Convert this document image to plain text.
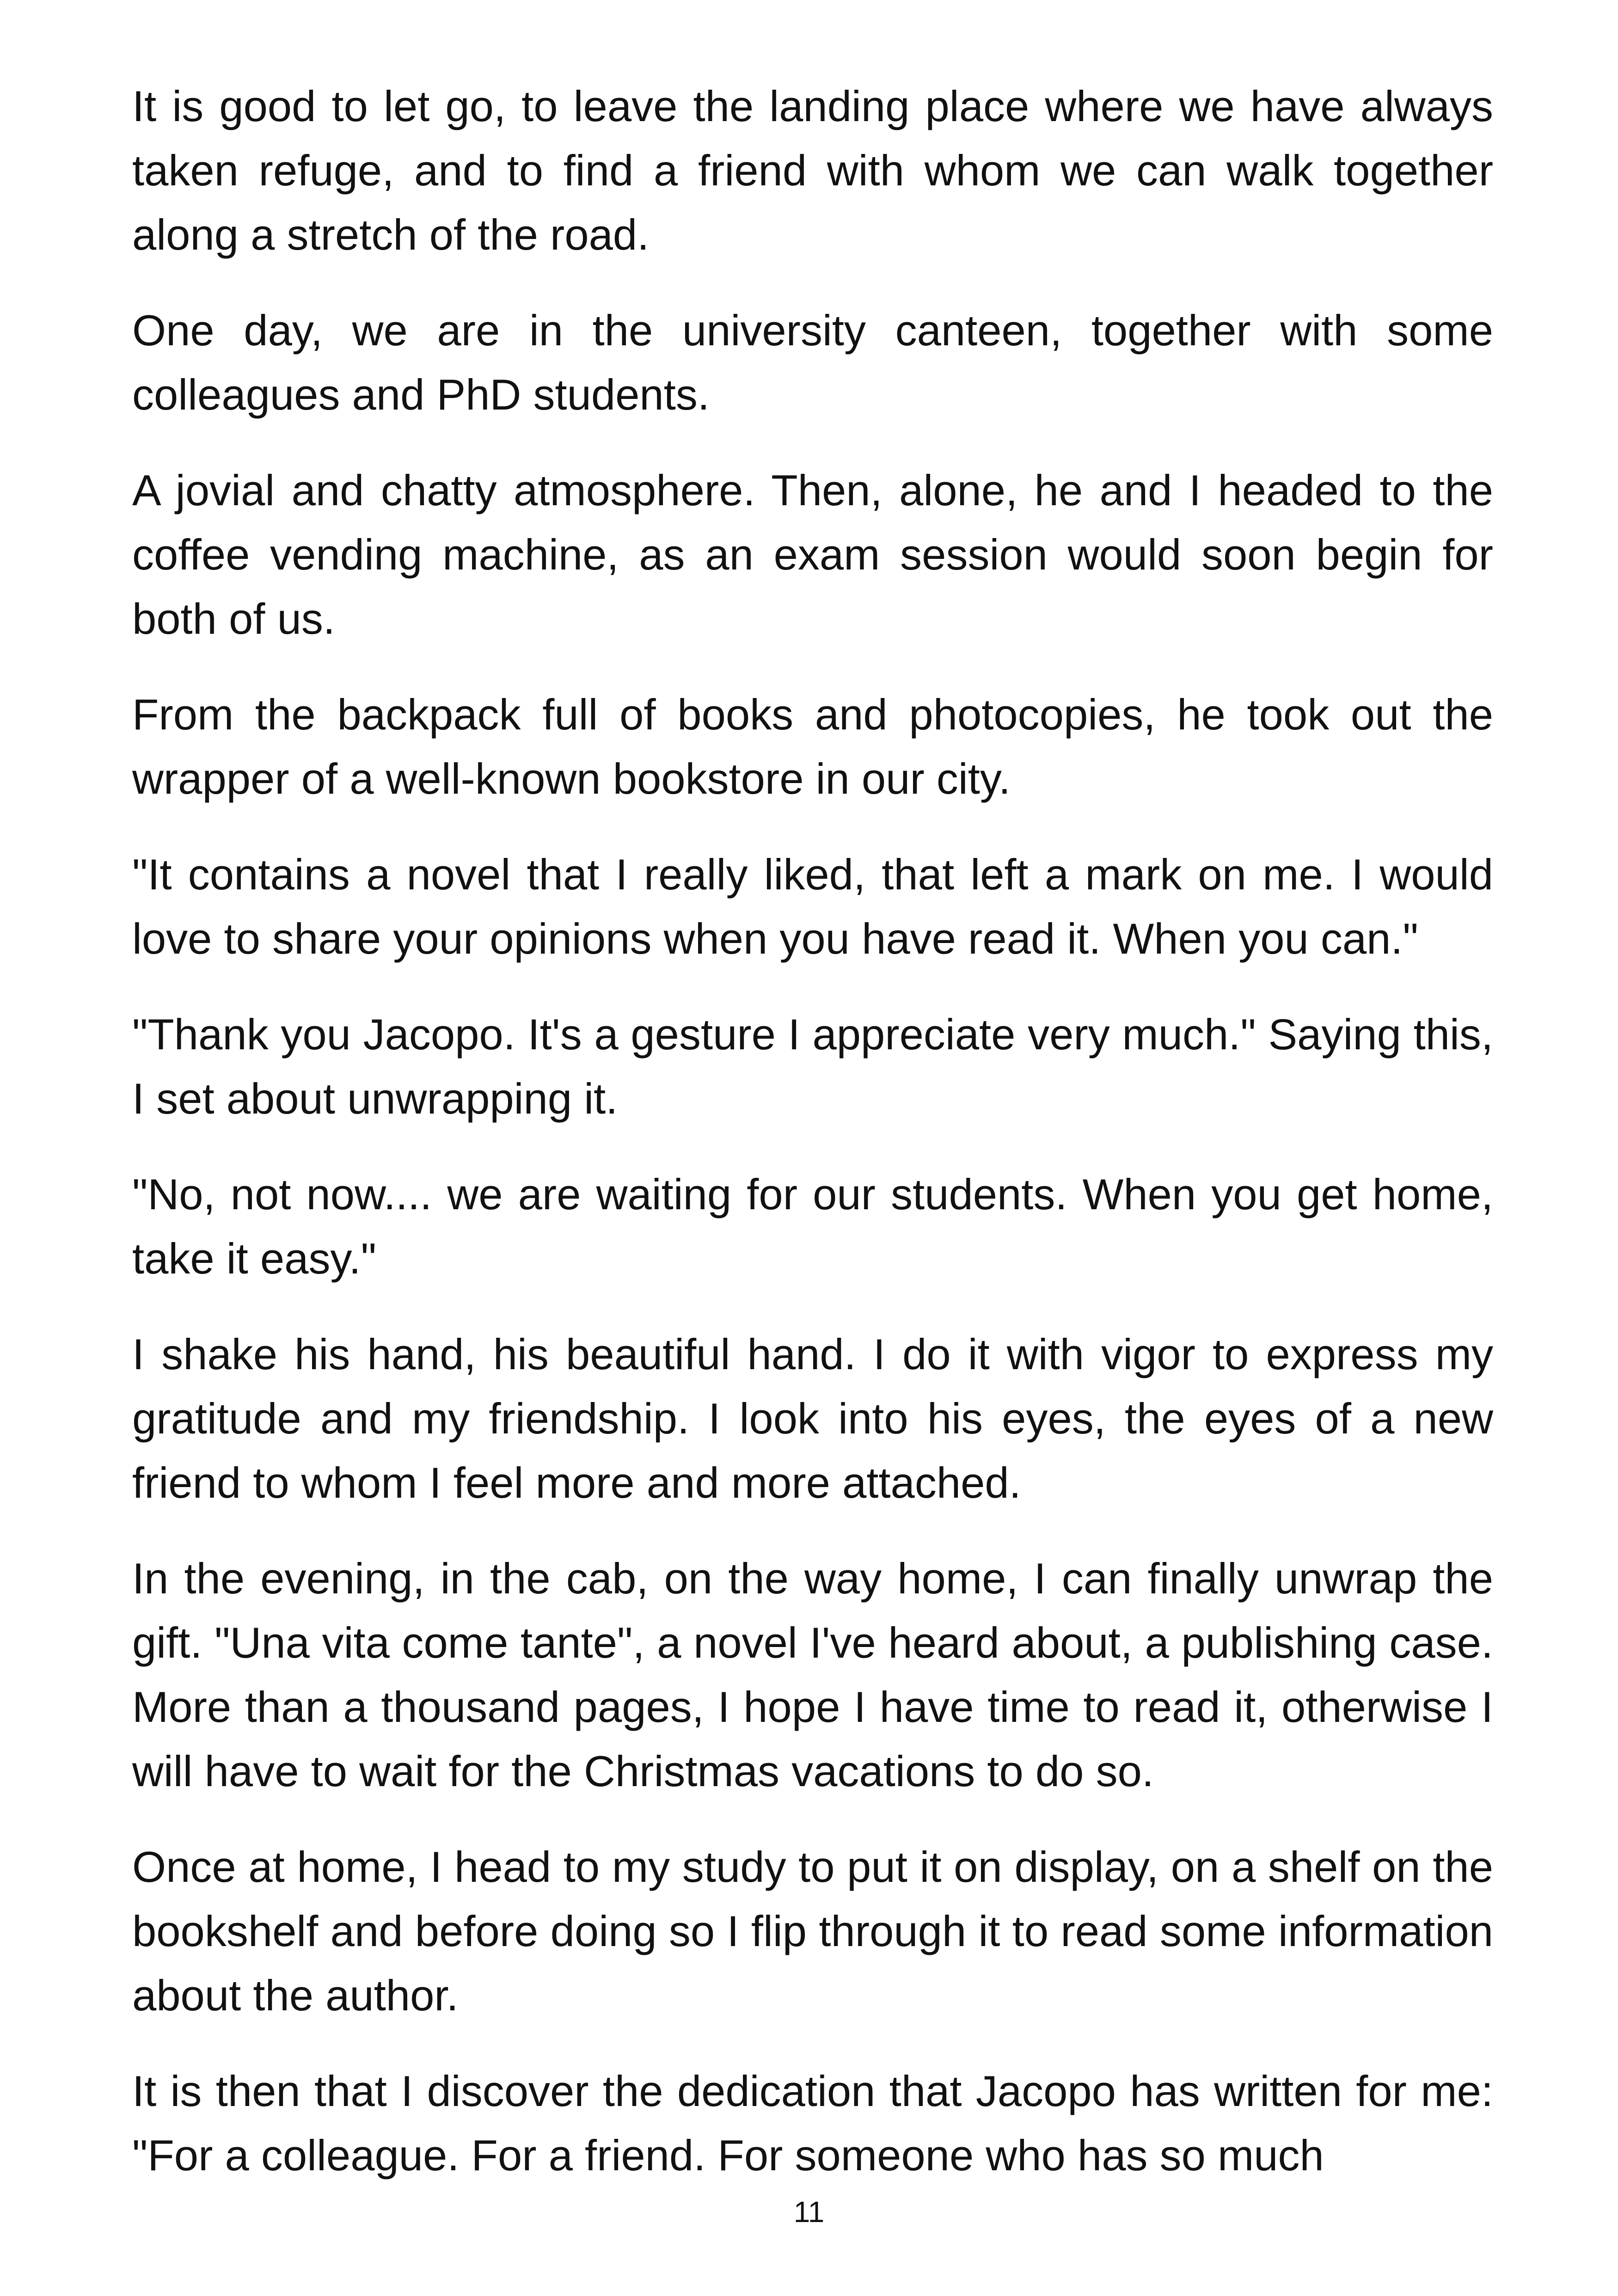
It is good to let go, to leave the landing place where we have always taken refuge, and to find a friend with whom we can walk together along a stretch of the road.

One day, we are in the university canteen, together with some colleagues and PhD students.

A jovial and chatty atmosphere. Then, alone, he and I headed to the coffee vending machine, as an exam session would soon begin for both of us.

From the backpack full of books and photocopies, he took out the wrapper of a well-known bookstore in our city.

"It contains a novel that I really liked, that left a mark on me. I would love to share your opinions when you have read it. When you can."

"Thank you Jacopo. It's a gesture I appreciate very much." Saying this, I set about unwrapping it.

"No, not now.... we are waiting for our students. When you get home, take it easy."

I shake his hand, his beautiful hand. I do it with vigor to express my gratitude and my friendship. I look into his eyes, the eyes of a new friend to whom I feel more and more attached.

In the evening, in the cab, on the way home, I can finally unwrap the gift. "Una vita come tante", a novel I've heard about, a publishing case. More than a thousand pages, I hope I have time to read it, otherwise I will have to wait for the Christmas vacations to do so.

Once at home, I head to my study to put it on display, on a shelf on the bookshelf and before doing so I flip through it to read some information about the author.

It is then that I discover the dedication that Jacopo has written for me: "For a colleague. For a friend. For someone who has so much

11
